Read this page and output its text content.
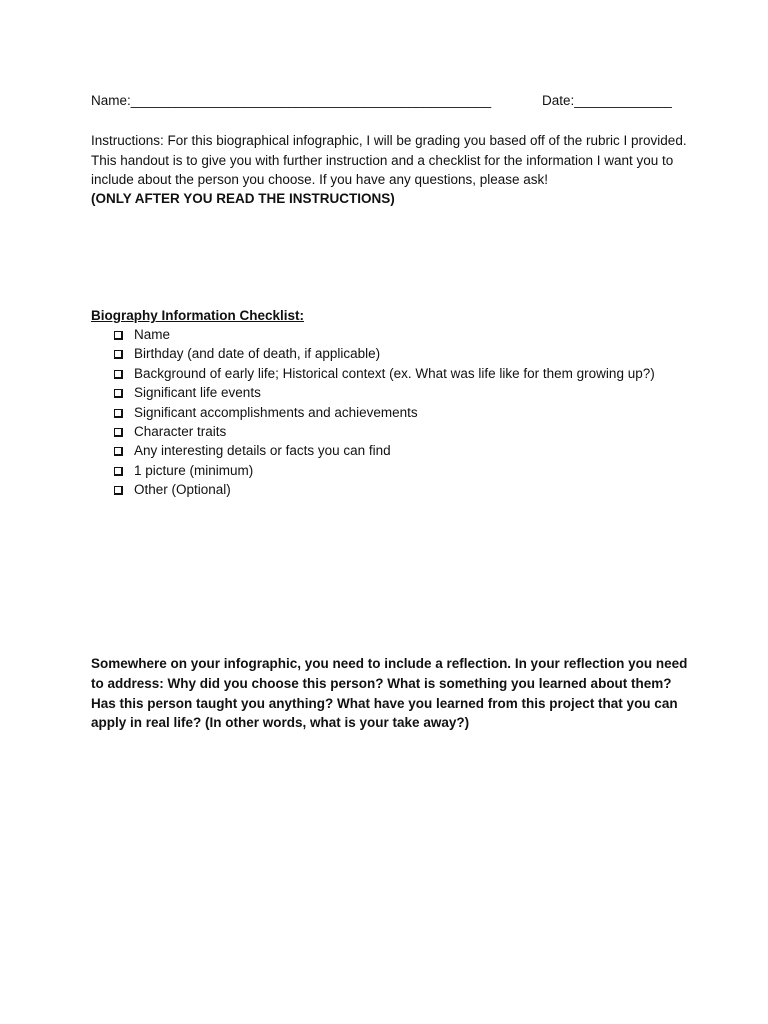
Name:________________________________________________	Date:_____________
Instructions: For this biographical infographic, I will be grading you based off of the rubric I provided. This handout is to give you with further instruction and a checklist for the information I want you to include about the person you choose. If you have any questions, please ask!
(ONLY AFTER YOU READ THE INSTRUCTIONS)
Biography Information Checklist:
Name
Birthday (and date of death, if applicable)
Background of early life; Historical context (ex. What was life like for them growing up?)
Significant life events
Significant accomplishments and achievements
Character traits
Any interesting details or facts you can find
1 picture (minimum)
Other (Optional)
Somewhere on your infographic, you need to include a reflection. In your reflection you need to address: Why did you choose this person? What is something you learned about them? Has this person taught you anything? What have you learned from this project that you can apply in real life? (In other words, what is your take away?)
